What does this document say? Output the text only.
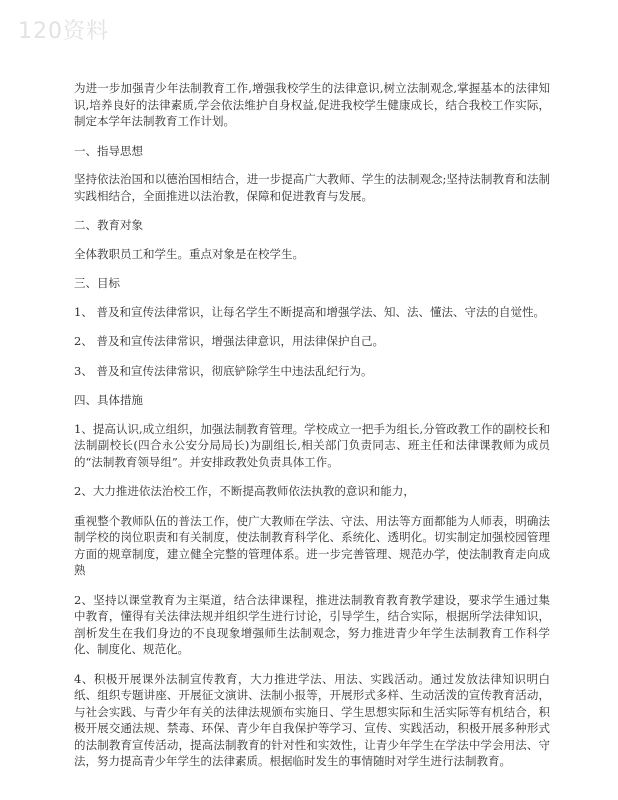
120资料

为进一步加强青少年法制教育工作,增强我校学生的法律意识,树立法制观念,掌握基本的法律知识,培养良好的法律素质,学会依法维护自身权益,促进我校学生健康成长，结合我校工作实际，制定本学年法制教育工作计划。

一、指导思想

坚持依法治国和以德治国相结合，进一步提高广大教师、学生的法制观念;坚持法制教育和法制实践相结合，全面推进以法治教，保障和促进教育与发展。

二、教育对象

全体教职员工和学生。重点对象是在校学生。

三、目标

1、 普及和宣传法律常识，让每名学生不断提高和增强学法、知、法、懂法、守法的自觉性。

2、 普及和宣传法律常识，增强法律意识，用法律保护自己。

3、 普及和宣传法律常识，彻底铲除学生中违法乱纪行为。

四、具体措施

1、提高认识,成立组织，加强法制教育管理。学校成立一把手为组长,分管政教工作的副校长和法制副校长(四合永公安分局局长)为副组长,相关部门负责同志、班主任和法律课教师为成员的“法制教育领导组”。并安排政教处负责具体工作。

2、大力推进依法治校工作，不断提高教师依法执教的意识和能力，

重视整个教师队伍的普法工作，使广大教师在学法、守法、用法等方面都能为人师表，明确法制学校的岗位职责和有关制度，使法制教育科学化、系统化、透明化。切实制定加强校园管理方面的规章制度，建立健全完整的管理体系。进一步完善管理、规范办学，使法制教育走向成熟

2、坚持以课堂教育为主渠道，结合法律课程，推进法制教育教育教学建设，要求学生通过集中教育，懂得有关法律法规并组织学生进行讨论，引导学生，结合实际，根据所学法律知识，剖析发生在我们身边的不良现象增强师生法制观念，努力推进青少年学生法制教育工作科学化、制度化、规范化。

4、积极开展课外法制宣传教育，大力推进学法、用法、实践活动。通过发放法律知识明白纸、组织专题讲座、开展征文演讲、法制小报等，开展形式多样、生动活泼的宣传教育活动，与社会实践、与青少年有关的法律法规颁布实施日、学生思想实际和生活实际等有机结合，积极开展交通法规、禁毒、环保、青少年自我保护等学习、宣传、实践活动，积极开展多种形式的法制教育宣传活动，提高法制教育的针对性和实效性，让青少年学生在学法中学会用法、守法，努力提高青少年学生的法律素质。根据临时发生的事情随时对学生进行法制教育。
